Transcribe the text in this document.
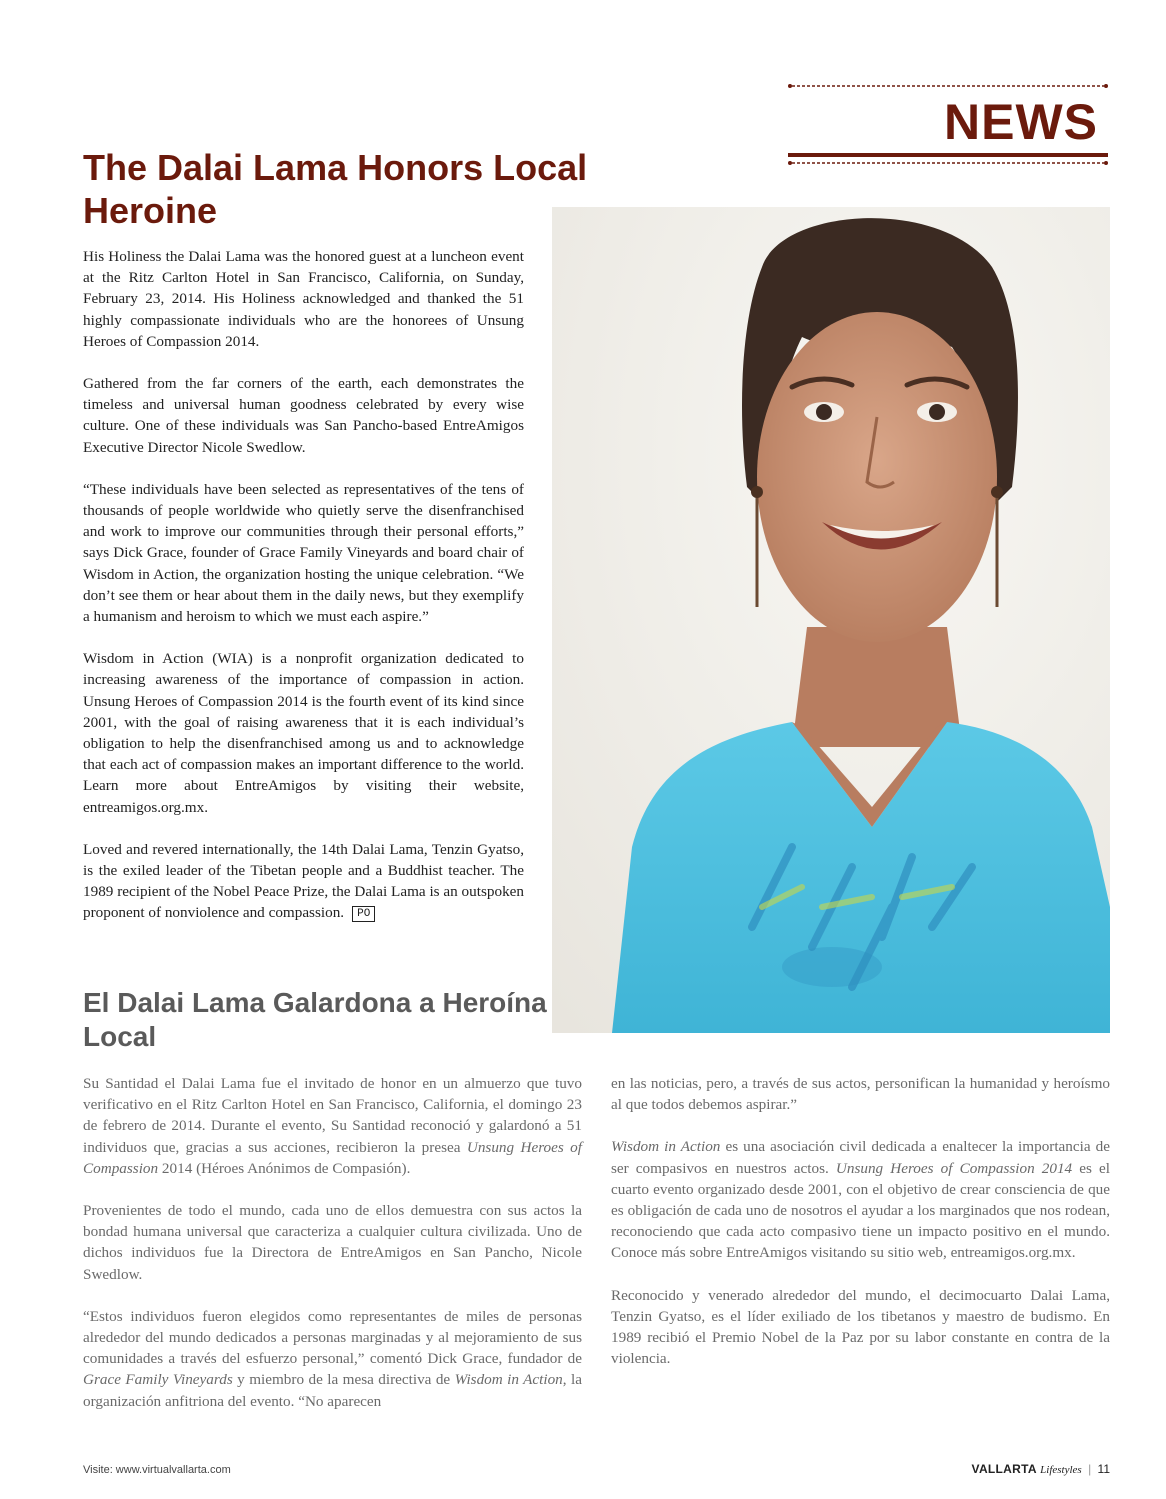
NEWS
The Dalai Lama Honors Local Heroine

His Holiness the Dalai Lama was the honored guest at a luncheon event at the Ritz Carlton Hotel in San Francisco, California, on Sunday, February 23, 2014. His Holiness acknowledged and thanked the 51 highly compassionate individuals who are the honorees of Unsung Heroes of Compassion 2014.

Gathered from the far corners of the earth, each demonstrates the timeless and universal human goodness celebrated by every wise culture. One of these individuals was San Pancho-based EntreAmigos Executive Director Nicole Swedlow.

“These individuals have been selected as representatives of the tens of thousands of people worldwide who quietly serve the disenfranchised and work to improve our communities through their personal efforts,” says Dick Grace, founder of Grace Family Vineyards and board chair of Wisdom in Action, the organization hosting the unique celebration. “We don’t see them or hear about them in the daily news, but they exemplify a humanism and heroism to which we must each aspire.”

Wisdom in Action (WIA) is a nonprofit organization dedicated to increasing awareness of the importance of compassion in action. Unsung Heroes of Compassion 2014 is the fourth event of its kind since 2001, with the goal of raising awareness that it is each individual’s obligation to help the disenfranchised among us and to acknowledge that each act of compassion makes an important difference to the world. Learn more about EntreAmigos by visiting their website, entreamigos.org.mx.

Loved and revered internationally, the 14th Dalai Lama, Tenzin Gyatso, is the exiled leader of the Tibetan people and a Buddhist teacher. The 1989 recipient of the Nobel Peace Prize, the Dalai Lama is an outspoken proponent of nonviolence and compassion. PO

El Dalai Lama Galardona a Heroína Local

Su Santidad el Dalai Lama fue el invitado de honor en un almuerzo que tuvo verificativo en el Ritz Carlton Hotel en San Francisco, California, el domingo 23 de febrero de 2014. Durante el evento, Su Santidad reconoció y galardonó a 51 individuos que, gracias a sus acciones, recibieron la presea Unsung Heroes of Compassion 2014 (Héroes Anónimos de Compasión).

Provenientes de todo el mundo, cada uno de ellos demuestra con sus actos la bondad humana universal que caracteriza a cualquier cultura civilizada. Uno de dichos individuos fue la Directora de EntreAmigos en San Pancho, Nicole Swedlow.

“Estos individuos fueron elegidos como representantes de miles de personas alrededor del mundo dedicados a personas marginadas y al mejoramiento de sus comunidades a través del esfuerzo personal,” comentó Dick Grace, fundador de Grace Family Vineyards y miembro de la mesa directiva de Wisdom in Action, la organización anfitriona del evento. “No aparecen

en las noticias, pero, a través de sus actos, personifican la humanidad y heroísmo al que todos debemos aspirar.”

Wisdom in Action es una asociación civil dedicada a enaltecer la importancia de ser compasivos en nuestros actos. Unsung Heroes of Compassion 2014 es el cuarto evento organizado desde 2001, con el objetivo de crear consciencia de que es obligación de cada uno de nosotros el ayudar a los marginados que nos rodean, reconociendo que cada acto compasivo tiene un impacto positivo en el mundo. Conoce más sobre EntreAmigos visitando su sitio web, entreamigos.org.mx.

Reconocido y venerado alrededor del mundo, el decimocuarto Dalai Lama, Tenzin Gyatso, es el líder exiliado de los tibetanos y maestro de budismo. En 1989 recibió el Premio Nobel de la Paz por su labor constante en contra de la violencia.

Visite: www.virtualvallarta.com	VALLARTA Lifestyles | 11
